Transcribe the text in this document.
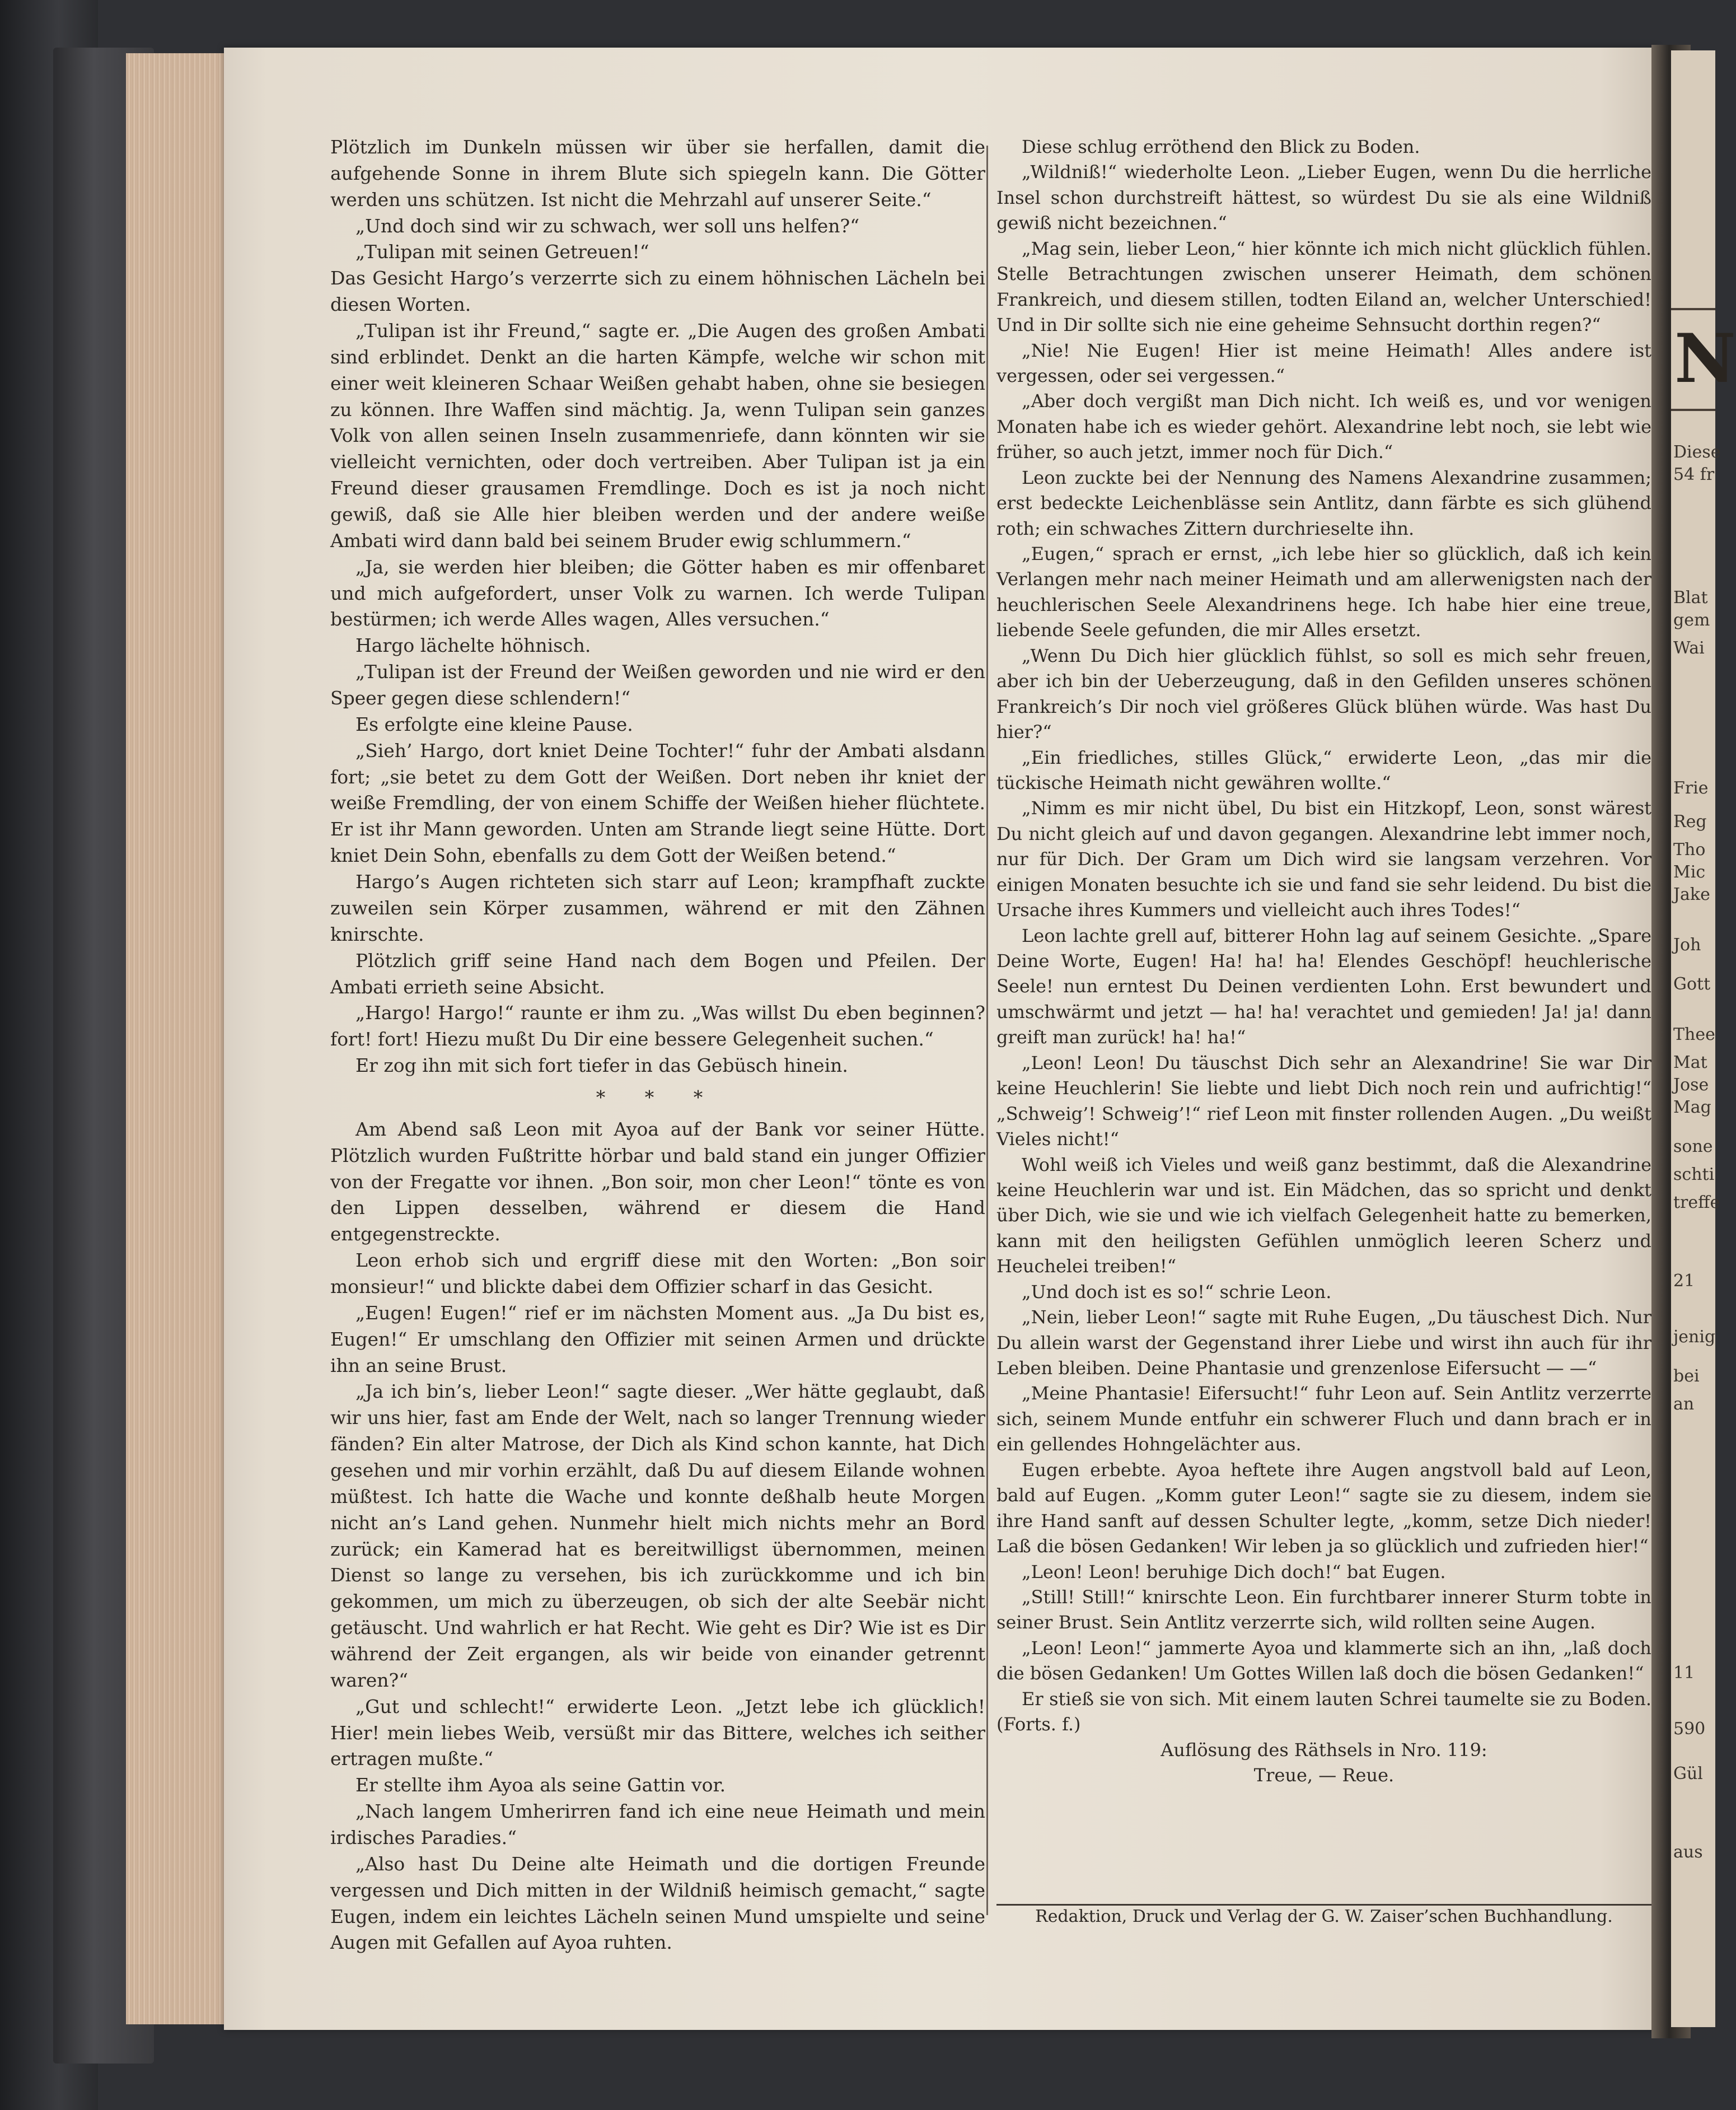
Plötzlich im Dunkeln müssen wir über sie herfallen, damit die aufgehende Sonne in ihrem Blute sich spiegeln kann. Die Götter werden uns schützen. Ist nicht die Mehrzahl auf unserer Seite.“

„Und doch sind wir zu schwach, wer soll uns helfen?“

„Tulipan mit seinen Getreuen!“

Das Gesicht Hargo’s verzerrte sich zu einem höhnischen Lächeln bei diesen Worten.

„Tulipan ist ihr Freund,“ sagte er. „Die Augen des großen Ambati sind erblindet. Denkt an die harten Kämpfe, welche wir schon mit einer weit kleineren Schaar Weißen gehabt haben, ohne sie besiegen zu können. Ihre Waffen sind mächtig. Ja, wenn Tulipan sein ganzes Volk von allen seinen Inseln zusammenriefe, dann könnten wir sie vielleicht vernichten, oder doch vertreiben. Aber Tulipan ist ja ein Freund dieser grausamen Fremdlinge. Doch es ist ja noch nicht gewiß, daß sie Alle hier bleiben werden und der andere weiße Ambati wird dann bald bei seinem Bruder ewig schlummern.“

„Ja, sie werden hier bleiben; die Götter haben es mir offenbaret und mich aufgefordert, unser Volk zu warnen. Ich werde Tulipan bestürmen; ich werde Alles wagen, Alles versuchen.“

Hargo lächelte höhnisch.

„Tulipan ist der Freund der Weißen geworden und nie wird er den Speer gegen diese schlendern!“

Es erfolgte eine kleine Pause.

„Sieh’ Hargo, dort kniet Deine Tochter!“ fuhr der Ambati alsdann fort; „sie betet zu dem Gott der Weißen. Dort neben ihr kniet der weiße Fremdling, der von einem Schiffe der Weißen hieher flüchtete. Er ist ihr Mann geworden. Unten am Strande liegt seine Hütte. Dort kniet Dein Sohn, ebenfalls zu dem Gott der Weißen betend.“

Hargo’s Augen richteten sich starr auf Leon; krampfhaft zuckte zuweilen sein Körper zusammen, während er mit den Zähnen knirschte.

Plötzlich griff seine Hand nach dem Bogen und Pfeilen. Der Ambati errieth seine Absicht.

„Hargo! Hargo!“ raunte er ihm zu. „Was willst Du eben beginnen? fort! fort! Hiezu mußt Du Dir eine bessere Gelegenheit suchen.“

Er zog ihn mit sich fort tiefer in das Gebüsch hinein.

* * *

Am Abend saß Leon mit Ayoa auf der Bank vor seiner Hütte. Plötzlich wurden Fußtritte hörbar und bald stand ein junger Offizier von der Fregatte vor ihnen. „Bon soir, mon cher Leon!“ tönte es von den Lippen desselben, während er diesem die Hand entgegenstreckte.

Leon erhob sich und ergriff diese mit den Worten: „Bon soir monsieur!“ und blickte dabei dem Offizier scharf in das Gesicht.

„Eugen! Eugen!“ rief er im nächsten Moment aus. „Ja Du bist es, Eugen!“ Er umschlang den Offizier mit seinen Armen und drückte ihn an seine Brust.

„Ja ich bin’s, lieber Leon!“ sagte dieser. „Wer hätte geglaubt, daß wir uns hier, fast am Ende der Welt, nach so langer Trennung wieder fänden? Ein alter Matrose, der Dich als Kind schon kannte, hat Dich gesehen und mir vorhin erzählt, daß Du auf diesem Eilande wohnen müßtest. Ich hatte die Wache und konnte deßhalb heute Morgen nicht an’s Land gehen. Nunmehr hielt mich nichts mehr an Bord zurück; ein Kamerad hat es bereitwilligst übernommen, meinen Dienst so lange zu versehen, bis ich zurückkomme und ich bin gekommen, um mich zu überzeugen, ob sich der alte Seebär nicht getäuscht. Und wahrlich er hat Recht. Wie geht es Dir? Wie ist es Dir während der Zeit ergangen, als wir beide von einander getrennt waren?“

„Gut und schlecht!“ erwiderte Leon. „Jetzt lebe ich glücklich! Hier! mein liebes Weib, versüßt mir das Bittere, welches ich seither ertragen mußte.“

Er stellte ihm Ayoa als seine Gattin vor.

„Nach langem Umherirren fand ich eine neue Heimath und mein irdisches Paradies.“

„Also hast Du Deine alte Heimath und die dortigen Freunde vergessen und Dich mitten in der Wildniß heimisch gemacht,“ sagte Eugen, indem ein leichtes Lächeln seinen Mund umspielte und seine Augen mit Gefallen auf Ayoa ruhten.

Diese schlug erröthend den Blick zu Boden.

„Wildniß!“ wiederholte Leon. „Lieber Eugen, wenn Du die herrliche Insel schon durchstreift hättest, so würdest Du sie als eine Wildniß gewiß nicht bezeichnen.“

„Mag sein, lieber Leon,“ hier könnte ich mich nicht glücklich fühlen. Stelle Betrachtungen zwischen unserer Heimath, dem schönen Frankreich, und diesem stillen, todten Eiland an, welcher Unterschied! Und in Dir sollte sich nie eine geheime Sehnsucht dorthin regen?“

„Nie! Nie Eugen! Hier ist meine Heimath! Alles andere ist vergessen, oder sei vergessen.“

„Aber doch vergißt man Dich nicht. Ich weiß es, und vor wenigen Monaten habe ich es wieder gehört. Alexandrine lebt noch, sie lebt wie früher, so auch jetzt, immer noch für Dich.“

Leon zuckte bei der Nennung des Namens Alexandrine zusammen; erst bedeckte Leichenblässe sein Antlitz, dann färbte es sich glühend roth; ein schwaches Zittern durchrieselte ihn.

„Eugen,“ sprach er ernst, „ich lebe hier so glücklich, daß ich kein Verlangen mehr nach meiner Heimath und am allerwenigsten nach der heuchlerischen Seele Alexandrinens hege. Ich habe hier eine treue, liebende Seele gefunden, die mir Alles ersetzt.

„Wenn Du Dich hier glücklich fühlst, so soll es mich sehr freuen, aber ich bin der Ueberzeugung, daß in den Gefilden unseres schönen Frankreich’s Dir noch viel größeres Glück blühen würde. Was hast Du hier?“

„Ein friedliches, stilles Glück,“ erwiderte Leon, „das mir die tückische Heimath nicht gewähren wollte.“

„Nimm es mir nicht übel, Du bist ein Hitzkopf, Leon, sonst wärest Du nicht gleich auf und davon gegangen. Alexandrine lebt immer noch, nur für Dich. Der Gram um Dich wird sie langsam verzehren. Vor einigen Monaten besuchte ich sie und fand sie sehr leidend. Du bist die Ursache ihres Kummers und vielleicht auch ihres Todes!“

Leon lachte grell auf, bitterer Hohn lag auf seinem Gesichte. „Spare Deine Worte, Eugen! Ha! ha! ha! Elendes Geschöpf! heuchlerische Seele! nun erntest Du Deinen verdienten Lohn. Erst bewundert und umschwärmt und jetzt — ha! ha! verachtet und gemieden! Ja! ja! dann greift man zurück! ha! ha!“

„Leon! Leon! Du täuschst Dich sehr an Alexandrine! Sie war Dir keine Heuchlerin! Sie liebte und liebt Dich noch rein und aufrichtig!“ „Schweig’! Schweig’!“ rief Leon mit finster rollenden Augen. „Du weißt Vieles nicht!“

Wohl weiß ich Vieles und weiß ganz bestimmt, daß die Alexandrine keine Heuchlerin war und ist. Ein Mädchen, das so spricht und denkt über Dich, wie sie und wie ich vielfach Gelegenheit hatte zu bemerken, kann mit den heiligsten Gefühlen unmöglich leeren Scherz und Heuchelei treiben!“

„Und doch ist es so!“ schrie Leon.

„Nein, lieber Leon!“ sagte mit Ruhe Eugen, „Du täuschest Dich. Nur Du allein warst der Gegenstand ihrer Liebe und wirst ihn auch für ihr Leben bleiben. Deine Phantasie und grenzenlose Eifersucht — —“

„Meine Phantasie! Eifersucht!“ fuhr Leon auf. Sein Antlitz verzerrte sich, seinem Munde entfuhr ein schwerer Fluch und dann brach er in ein gellendes Hohngelächter aus.

Eugen erbebte. Ayoa heftete ihre Augen angstvoll bald auf Leon, bald auf Eugen. „Komm guter Leon!“ sagte sie zu diesem, indem sie ihre Hand sanft auf dessen Schulter legte, „komm, setze Dich nieder! Laß die bösen Gedanken! Wir leben ja so glücklich und zufrieden hier!“

„Leon! Leon! beruhige Dich doch!“ bat Eugen.

„Still! Still!“ knirschte Leon. Ein furchtbarer innerer Sturm tobte in seiner Brust. Sein Antlitz verzerrte sich, wild rollten seine Augen.

„Leon! Leon!“ jammerte Ayoa und klammerte sich an ihn, „laß doch die bösen Gedanken! Um Gottes Willen laß doch die bösen Gedanken!“

Er stieß sie von sich. Mit einem lauten Schrei taumelte sie zu Boden. (Forts. f.)

Auflösung des Räthsels in Nro. 119:

Treue, — Reue.

Redaktion, Druck und Verlag der G. W. Zaiser’schen Buchhandlung.
N
Diese
54 fr
Blat
gem
Wai
Frie
Reg
Tho
Mic
Jake
Joh
Gott
Thee
Mat
Jose
Mag
sone
schti
treffe
21
jenig
bei
an
11
590
Gül
aus
